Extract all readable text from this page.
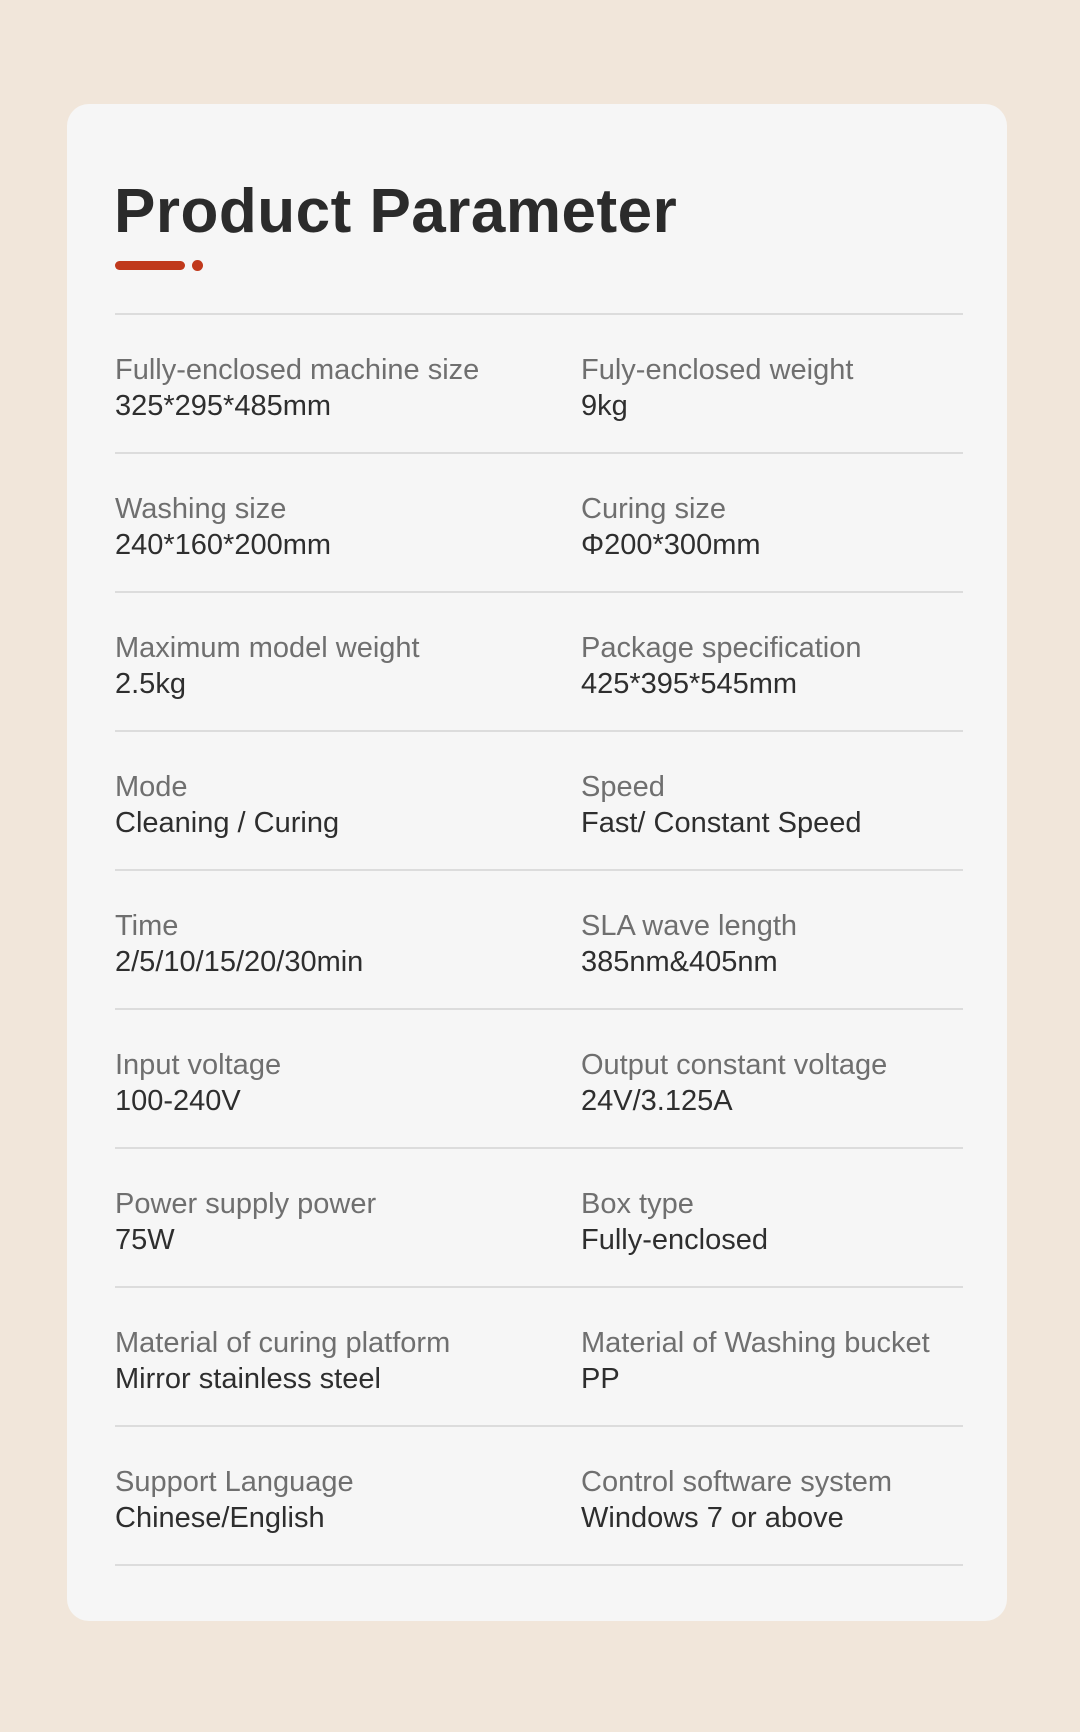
Product Parameter
Fully-enclosed machine size
325*295*485mm
Fuly-enclosed weight
9kg
Washing size
240*160*200mm
Curing size
Φ200*300mm
Maximum model weight
2.5kg
Package specification
425*395*545mm
Mode
Cleaning / Curing
Speed
Fast/ Constant Speed
Time
2/5/10/15/20/30min
SLA wave length
385nm&405nm
Input voltage
100-240V
Output constant voltage
24V/3.125A
Power supply power
75W
Box type
Fully-enclosed
Material of curing platform
Mirror stainless steel
Material of Washing bucket
PP
Support Language
Chinese/English
Control software system
Windows 7 or above
